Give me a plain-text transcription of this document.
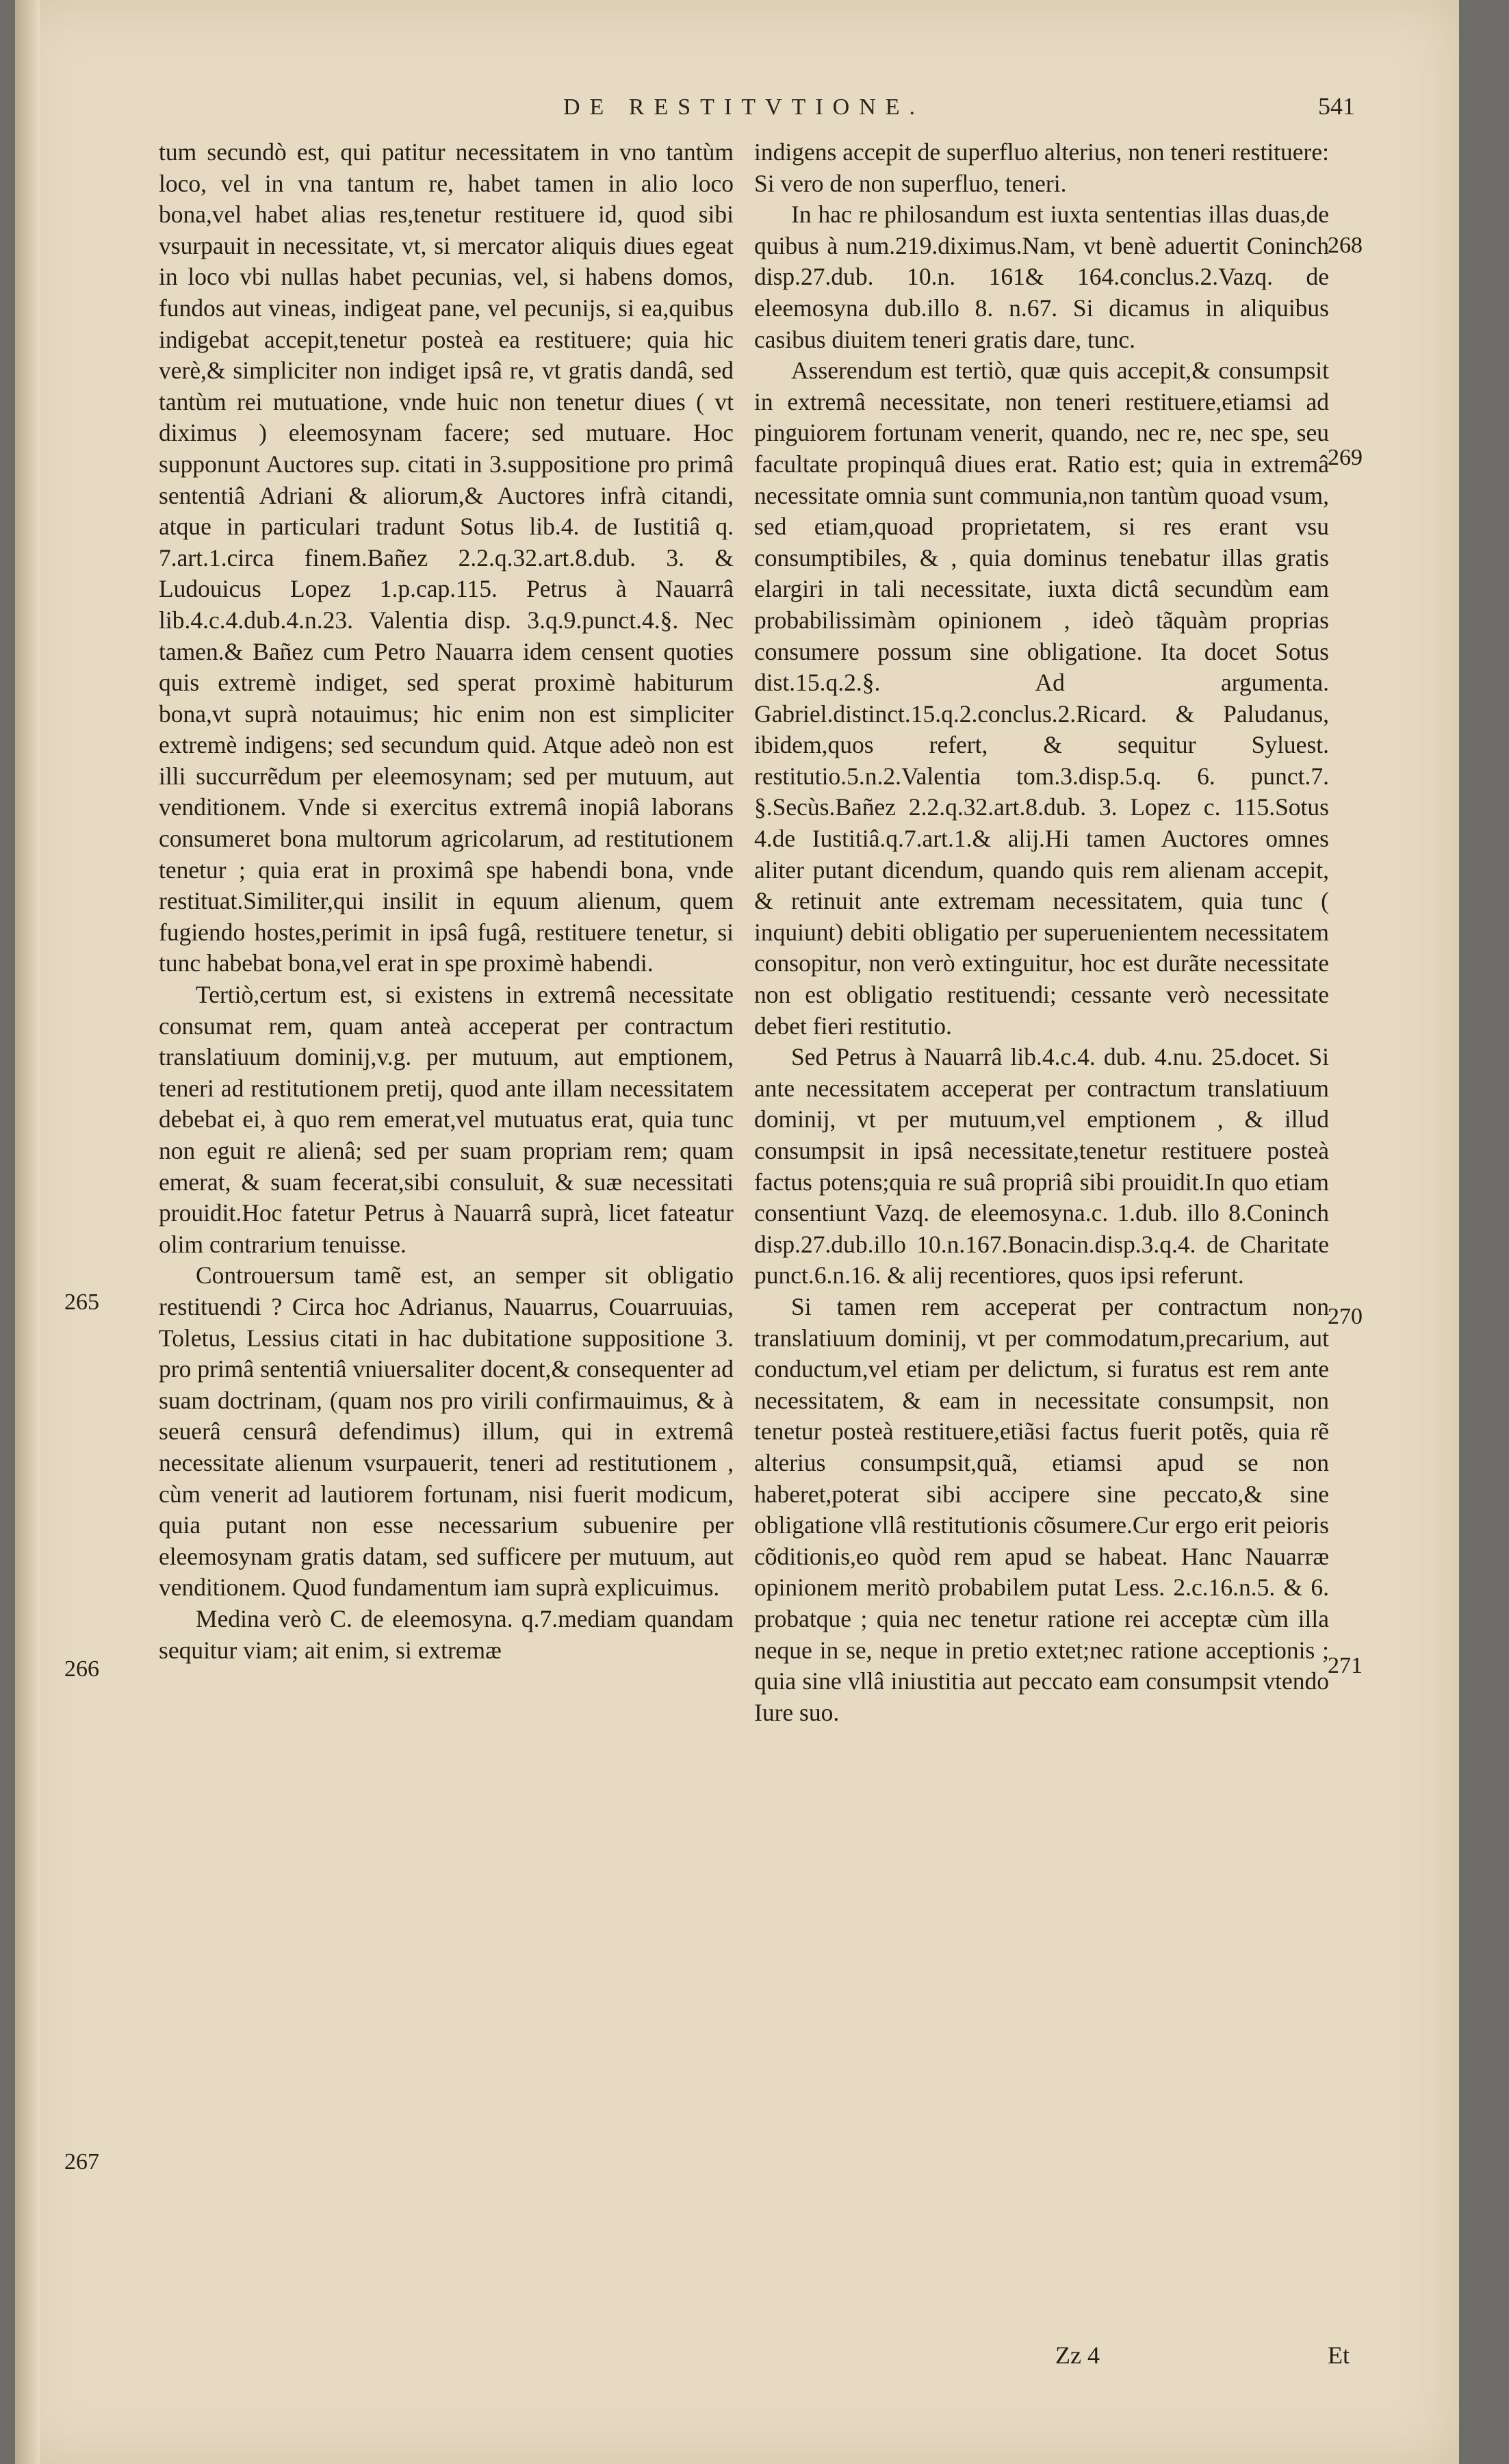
DE RESTITVTIONE.	541

tum secundò est, qui patitur necessitatem in vno tantùm loco, vel in vna tantum re, habet tamen in alio loco bona,vel habet alias res,tenetur restituere id, quod sibi vsurpauit in necessitate, vt, si mercator aliquis diues egeat in loco vbi nullas habet pecunias, vel, si habens domos, fundos aut vineas, indigeat pane, vel pecunijs, si ea,quibus indigebat accepit,tenetur posteà ea restituere; quia hic verè,& simpliciter non indiget ipsâ re, vt gratis dandâ, sed tantùm rei mutuatione, vnde huic non tenetur diues ( vt diximus ) eleemosynam facere; sed mutuare. Hoc supponunt Auctores sup. citati in 3.suppositione pro primâ sententiâ Adriani & aliorum,& Auctores infrà citandi, atque in particulari tradunt Sotus lib.4. de Iustitiâ q. 7.art.1.circa finem.Bañez 2.2.q.32.art.8.dub. 3. & Ludouicus Lopez 1.p.cap.115. Petrus à Nauarrâ lib.4.c.4.dub.4.n.23. Valentia disp. 3.q.9.punct.4.§. Nec tamen.& Bañez cum Petro Nauarra idem censent quoties quis extremè indiget, sed sperat proximè habiturum bona,vt suprà notauimus; hic enim non est simpliciter extremè indigens; sed secundum quid. Atque adeò non est illi succurrẽdum per eleemosynam; sed per mutuum, aut venditionem. Vnde si exercitus extremâ inopiâ laborans consumeret bona multorum agricolarum, ad restitutionem tenetur ; quia erat in proximâ spe habendi bona, vnde restituat.Similiter,qui insilit in equum alienum, quem fugiendo hostes,perimit in ipsâ fugâ, restituere tenetur, si tunc habebat bona,vel erat in spe proximè habendi.

Tertiò,certum est, si existens in extremâ necessitate consumat rem, quam anteà acceperat per contractum translatiuum dominij,v.g. per mutuum, aut emptionem, teneri ad restitutionem pretij, quod ante illam necessitatem debebat ei, à quo rem emerat,vel mutuatus erat, quia tunc non eguit re alienâ; sed per suam propriam rem; quam emerat, & suam fecerat,sibi consuluit, & suæ necessitati prouidit.Hoc fatetur Petrus à Nauarrâ suprà, licet fateatur olim contrarium tenuisse.

Controuersum tamẽ est, an semper sit obligatio restituendi ? Circa hoc Adrianus, Nauarrus, Couarruuias, Toletus, Lessius citati in hac dubitatione suppositione 3. pro primâ sententiâ vniuersaliter docent,& consequenter ad suam doctrinam, (quam nos pro virili confirmauimus, & à seuerâ censurâ defendimus) illum, qui in extremâ necessitate alienum vsurpauerit, teneri ad restitutionem , cùm venerit ad lautiorem fortunam, nisi fuerit modicum, quia putant non esse necessarium subuenire per eleemosynam gratis datam, sed sufficere per mutuum, aut venditionem. Quod fundamentum iam suprà explicuimus.

Medina verò C. de eleemosyna. q.7.mediam quandam sequitur viam; ait enim, si extremæ

indigens accepit de superfluo alterius, non teneri restituere: Si vero de non superfluo, teneri.

In hac re philosandum est iuxta sententias illas duas,de quibus à num.219.diximus.Nam, vt benè aduertit Coninch disp.27.dub. 10.n. 161& 164.conclus.2.Vazq. de eleemosyna dub.illo 8. n.67. Si dicamus in aliquibus casibus diuitem teneri gratis dare, tunc.

Asserendum est tertiò, quæ quis accepit,& consumpsit in extremâ necessitate, non teneri restituere,etiamsi ad pinguiorem fortunam venerit, quando, nec re, nec spe, seu facultate propinquâ diues erat. Ratio est; quia in extremâ necessitate omnia sunt communia,non tantùm quoad vsum, sed etiam,quoad proprietatem, si res erant vsu consumptibiles, & , quia dominus tenebatur illas gratis elargiri in tali necessitate, iuxta dictâ secundùm eam probabilissimàm opinionem , ideò tãquàm proprias consumere possum sine obligatione. Ita docet Sotus dist.15.q.2.§. Ad argumenta. Gabriel.distinct.15.q.2.conclus.2.Ricard. & Paludanus, ibidem,quos refert, & sequitur Syluest. restitutio.5.n.2.Valentia tom.3.disp.5.q. 6. punct.7. §.Secùs.Bañez 2.2.q.32.art.8.dub. 3. Lopez c. 115.Sotus 4.de Iustitiâ.q.7.art.1.& alij.Hi tamen Auctores omnes aliter putant dicendum, quando quis rem alienam accepit, & retinuit ante extremam necessitatem, quia tunc ( inquiunt) debiti obligatio per superuenientem necessitatem consopitur, non verò extinguitur, hoc est durãte necessitate non est obligatio restituendi; cessante verò necessitate debet fieri restitutio.

Sed Petrus à Nauarrâ lib.4.c.4. dub. 4.nu. 25.docet. Si ante necessitatem acceperat per contractum translatiuum dominij, vt per mutuum,vel emptionem , & illud consumpsit in ipsâ necessitate,tenetur restituere posteà factus potens;quia re suâ propriâ sibi prouidit.In quo etiam consentiunt Vazq. de eleemosyna.c. 1.dub. illo 8.Coninch disp.27.dub.illo 10.n.167.Bonacin.disp.3.q.4. de Charitate punct.6.n.16. & alij recentiores, quos ipsi referunt.

Si tamen rem acceperat per contractum non translatiuum dominij, vt per commodatum,precarium, aut conductum,vel etiam per delictum, si furatus est rem ante necessitatem, & eam in necessitate consumpsit, non tenetur posteà restituere,etiãsi factus fuerit potẽs, quia rẽ alterius consumpsit,quã, etiamsi apud se non haberet,poterat sibi accipere sine peccato,& sine obligatione vllâ restitutionis cõsumere.Cur ergo erit peioris cõditionis,eo quòd rem apud se habeat. Hanc Nauarræ opinionem meritò probabilem putat Less. 2.c.16.n.5. & 6. probatque ; quia nec tenetur ratione rei acceptæ cùm illa neque in se, neque in pretio extet;nec ratione acceptionis ; quia sine vllâ iniustitia aut peccato eam consumpsit vtendo Iure suo.

265
266
267
268
269
270
271
Zz 4	Et
